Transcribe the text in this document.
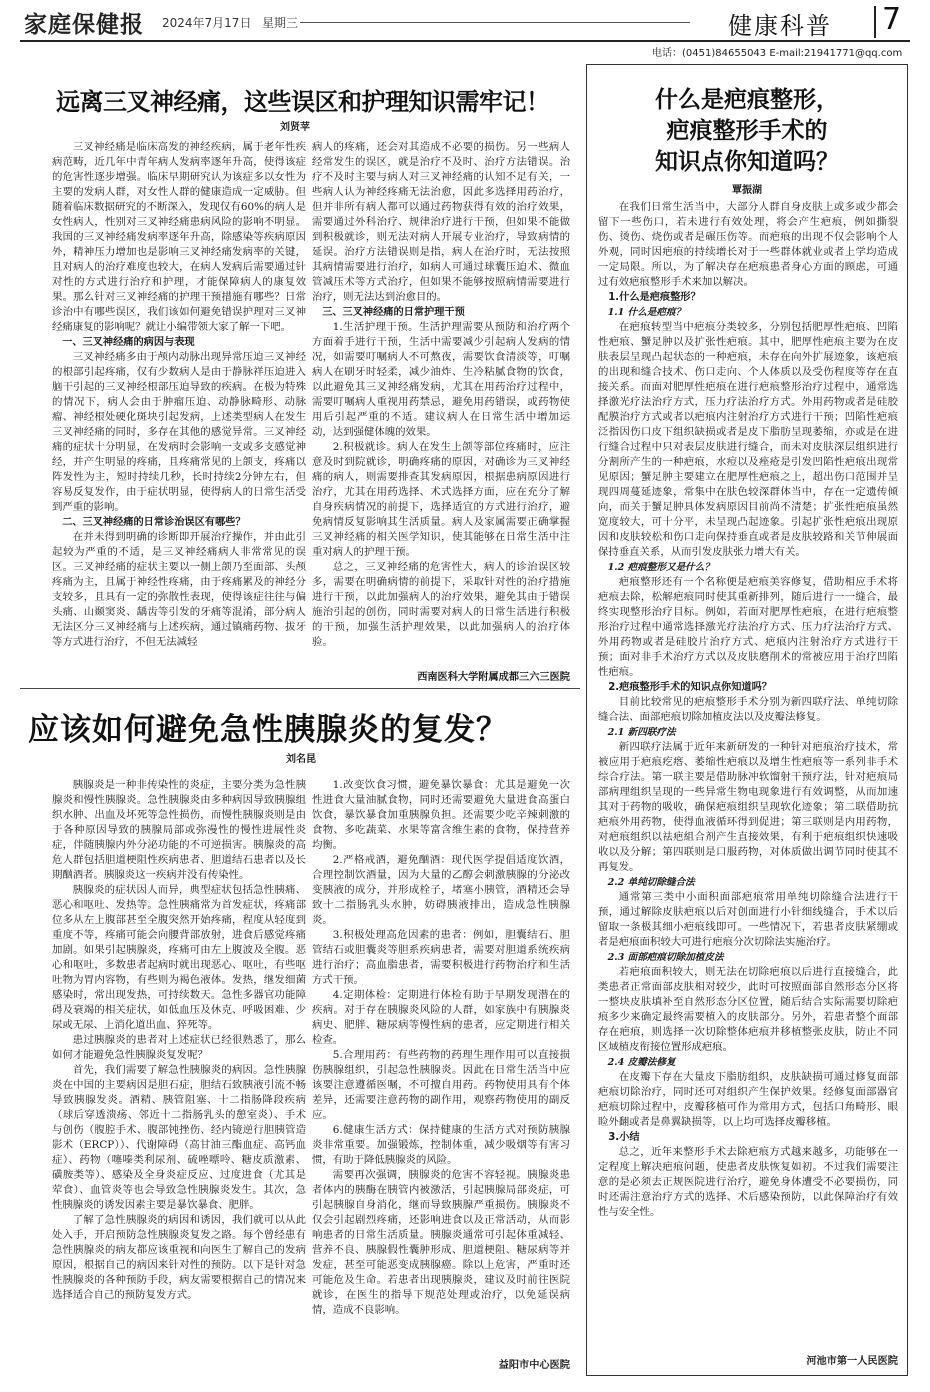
家庭保健报 2024年7月17日 星期三	健康科普 7
电话：(0451)84655043 E-mail:21941771@qq.com
远离三叉神经痛，这些误区和护理知识需牢记！
刘贤苹

三叉神经痛是临床高发的神经疾病，属于老年性疾病范畴，近几年中青年病人发病率逐年升高，使得该症的危害性逐步增强。临床早期研究认为该症多以女性为主要的发病人群，对女性人群的健康造成一定威胁。但随着临床数据研究的不断深入，发现仅有60%的病人是女性病人，性别对三叉神经痛患病风险的影响不明显。我国的三叉神经痛发病率逐年升高，除感染等疾病原因外，精神压力增加也是影响三叉神经痛发病率的关键，且对病人的治疗难度也较大，在病人发病后需要通过针对性的方式进行治疗和护理，才能保障病人的康复效果。那么针对三叉神经痛的护理干预措施有哪些？日常诊治中有哪些误区，我们该如何避免错误护理对三叉神经痛康复的影响呢？就让小编带领大家了解一下吧。

一、三叉神经痛的病因与表现

三叉神经痛多由于颅内动脉出现异常压迫三叉神经的根部引起疼痛，仅有少数病人是由于静脉祥压迫进入脑干引起的三叉神经根部压迫导致的疾病。在极为特殊的情况下，病人会由于肿瘤压迫、动静脉畸形、动脉瘤、神经根处硬化斑块引起发病，上述类型病人在发生三叉神经痛的同时，多存在其他的感觉异常。三叉神经痛的症状十分明显，在发病时会影响一支或多支感觉神经，并产生明显的疼痛，且疼痛常见的上颌支，疼痛以阵发性为主，短时持续几秒，长时持续2分钟左右，但容易反复发作，由于症状明显，使得病人的日常生活受到严重的影响。

二、三叉神经痛的日常诊治误区有哪些？

在并未得到明确的诊断即开展治疗操作，并由此引起较为严重的不适，是三叉神经痛病人非常常见的误区。三叉神经痛的症状主要以一侧上颌乃至面部、头颅疼痛为主，且属于神经性疼痛，由于疼痛累及的神经分支较多，且具有一定的弥散性表现，使得该症往往与偏头痛、山颞窦炎、龋齿等引发的牙痛等混淆，部分病人无法区分三叉神经痛与上述疾病，通过镇痛药物、拔牙等方式进行治疗，不但无法减轻

病人的疼痛，还会对其造成不必要的损伤。另一些病人经常发生的误区，就是治疗不及时、治疗方法错误。治疗不及时主要与病人对三叉神经痛的认知不足有关，一些病人认为神经疼痛无法治愈，因此多选择用药治疗，但并非所有病人都可以通过药物获得有效的治疗效果，需要通过外科治疗、规律治疗进行干预，但如果不能做到积极就诊，则无法对病人开展专业治疗，导致病情的延误。治疗方法错误则是指，病人在治疗时，无法按照其病情需要进行治疗，如病人可通过球囊压迫术、微血管减压术等方式治疗，但如果不能够按照病情需要进行治疗，则无法达到治愈目的。

三、三叉神经痛的日常护理干预

1.生活护理干预。生活护理需要从预防和治疗两个方面着手进行干预，生活中需要减少引起病人发病的情况，如需要叮嘱病人不可熬夜，需要饮食清淡等，叮嘱病人在刷牙时轻柔，减少油炸、生冷粘腻食物的饮食，以此避免其三叉神经痛发病，尤其在用药治疗过程中，需要叮嘱病人重视用药禁忌，避免用药错误，或药物使用后引起严重的不适。建议病人在日常生活中增加运动，达到强健体魄的效果。

2.积极就诊。病人在发生上颌等部位疼痛时，应注意及时到院就诊，明确疼痛的原因，对确诊为三叉神经痛的病人，则需要排查其发病原因，根据患病原因进行治疗，尤其在用药选择、术式选择方面，应在充分了解自身疾病情况的前提下，选择适宜的方式进行治疗，避免病情反复影响其生活质量。病人及家属需要正确掌握三叉神经痛的相关医学知识，使其能够在日常生活中注重对病人的护理干预。

总之，三叉神经痛的危害性大，病人的诊治误区较多，需要在明确病情的前提下，采取针对性的治疗措施进行干预，以此加强病人的治疗效果，避免其由于错误施治引起的创伤，同时需要对病人的日常生活进行积极的干预，加强生活护理效果，以此加强病人的治疗体验。

西南医科大学附属成都三六三医院
应该如何避免急性胰腺炎的复发？
刘名昆

胰腺炎是一种非传染性的炎症，主要分类为急性胰腺炎和慢性胰腺炎。急性胰腺炎由多种病因导致胰腺组织水肿、出血及坏死等急性损伤，而慢性胰腺炎则是由于各种原因导致的胰腺局部或弥漫性的慢性进展性炎症，伴随胰腺内外分泌功能的不可逆损害。胰腺炎的高危人群包括胆道梗阻性疾病患者、胆道结石患者以及长期酗酒者。胰腺炎这一疾病并没有传染性。

胰腺炎的症状因人而异，典型症状包括急性胰痛、恶心和呕吐、发热等。急性胰痛常为首发症状，疼痛部位多从左上腹部甚至全腹突然开始疼痛，程度从轻度到重度不等，疼痛可能会向腰背部放射，进食后感觉疼痛加剧。如果引起胰腺炎，疼痛可由左上腹波及全腹。恶心和呕吐，多数患者起病时就出现恶心、呕吐，有些呕吐物为胃内容物，有些则为褐色液体。发热，继发细菌感染时，常出现发热，可持续数天。急性多器官功能障碍及衰竭的相关症状，如低血压及休克、呼吸困难、少尿或无尿、上消化道出血、猝死等。

患过胰腺炎的患者对上述症状已经很熟悉了，那么如何才能避免急性胰腺炎复发呢？

首先，我们需要了解急性胰腺炎的病因。急性胰腺炎在中国的主要病因是胆石症，胆结石致胰液引流不畅导致胰腺发炎。酒精、胰管阻塞、十二指肠降段疾病（球后穿透溃疡、邻近十二指肠乳头的憩室炎）、手术与创伤（腹腔手术、腹部钝挫伤、经内镜逆行胆胰管造影术（ERCP））、代谢障碍（高甘油三酯血症、高钙血症）、药物（噻嗪类利尿剂、硫唑嘌呤、糖皮质激素、磺胺类等）、感染及全身炎症反应、过度进食（尤其是荤食）、血管炎等也会导致急性胰腺炎发生。其次，急性胰腺炎的诱发因素主要是暴饮暴食、肥胖。

了解了急性胰腺炎的病因和诱因，我们就可以从此处入手，开启预防急性胰腺炎复发之路。每个曾经患有急性胰腺炎的病友都应该重视和向医生了解自己的发病原因，根据自己的病因来针对性的预防。以下是针对急性胰腺炎的各种预防手段，病友需要根据自己的情况来选择适合自己的预防复发方式。

1.改变饮食习惯，避免暴饮暴食：尤其是避免一次性进食大量油腻食物，同时还需要避免大量进食高蛋白饮食，暴饮暴食加重胰腺负担。还需要少吃辛辣刺激的食物、多吃蔬菜、水果等富含维生素的食物，保持营养均衡。

2.严格戒酒，避免酗酒：现代医学提倡适度饮酒，合理控制饮酒量，因为大量的乙醇会刺激胰腺的分泌改变胰液的成分，并形成栓子，堵塞小胰管，酒精还会导致十二指肠乳头水肿，妨碍胰液排出，造成急性胰腺炎。

3.积极处理高危因素的患者：例如，胆囊结石、胆管结石或胆囊炎等胆系疾病患者，需要对胆道系统疾病进行治疗；高血脂患者，需要积极进行药物治疗和生活方式干预。

4.定期体检：定期进行体检有助于早期发现潜在的疾病。对于存在胰腺炎风险的人群，如家族中有胰腺炎病史、肥胖、糖尿病等慢性病的患者，应定期进行相关检查。

5.合理用药：有些药物的药理生理作用可以直接损伤胰腺组织，引起急性胰腺炎。因此在日常生活当中应该要注意遵循医嘱，不可擅自用药。药物使用具有个体差异，还需要注意药物的副作用，观察药物使用的副反应。

6.健康生活方式：保持健康的生活方式对预防胰腺炎非常重要。加强锻炼，控制体重，减少吸烟等有害习惯，有助于降低胰腺炎的风险。

需要再次强调，胰腺炎的危害不容轻视。胰腺炎患者体内的胰酶在胰管内被激活，引起胰腺局部炎症，可引起胰腺自身消化，继而导致胰腺严重损伤。胰腺炎不仅会引起剧烈疼痛，还影响进食以及正常活动，从而影响患者的日常生活质量。胰腺炎通常可引起体重减轻、营养不良、胰腺假性囊肿形成、胆道梗阻、糖尿病等并发症，甚至可能恶变成胰腺癌。除以上危害，严重时还可能危及生命。若患者出现胰腺炎，建议及时前往医院就诊，在医生的指导下规范处理或治疗，以免延误病情，造成不良影响。

益阳市中心医院
什么是疤痕整形，
疤痕整形手术的
知识点你知道吗？
覃振湖

在我们日常生活当中，大部分人群自身皮肤上或多或少都会留下一些伤口，若未进行有效处理，将会产生疤痕，例如撕裂伤、烫伤、烧伤或者是碾压伤等。而疤痕的出现不仅会影响个人外观，同时因疤痕的持续增长对于一些群体就业或者上学均造成一定局限。所以，为了解决存在疤痕患者身心方面的顾虑，可通过有效疤痕整形手术来加以解决。

1.什么是疤痕整形？

1.1 什么是疤痕？

在疤痕转型当中疤痕分类较多，分别包括肥厚性疤痕、凹陷性疤痕、蟹足肿以及扩张性疤痕。其中，肥厚性疤痕主要为在皮肤表层呈现凸起状态的一种疤痕，未存在向外扩展迹象，该疤痕的出现和缝合技术、伤口走向、个人体质以及受伤程度等存在直接关系。而面对肥厚性疤痕在进行疤痕整形治疗过程中，通常选择激光疗法治疗方式，压力疗法治疗方式。外用药物或者是硅胶配膜治疗方式或者以疤痕内注射治疗方式进行干预；凹陷性疤痕泛指因伤口皮下组织缺损或者是皮下脂肪呈现萎缩，亦或是在进行缝合过程中只对表层皮肤进行缝合，而未对皮肤深层组织进行分割所产生的一种疤痕，水痘以及痤疮是引发凹陷性疤痕出现常见原因；蟹足肿主要建立在肥厚性疤痕之上，超出伤口范围并呈现四周蔓延迹象，常集中在肤色较深群体当中，存在一定遗传倾向，而关于蟹足肿具体发病原因目前尚不清楚；扩张性疤痕虽然宽度较大，可十分平，未呈现凸起迹象。引起扩张性疤痕出现原因和皮肤较松和伤口走向保持垂直或者是皮肤较路和关节伸展面保持垂直关系，从而引发皮肤张力增大有关。

1.2 疤痕整形又是什么？

疤痕整形还有一个名称便是疤痕美容修复，借助相应手术将疤痕去除，松解疤痕同时使其重新排列，随后进行一一缝合，最终实现整形治疗目标。例如，若面对肥厚性疤痕，在进行疤痕整形治疗过程中通常选择激光疗法治疗方式、压力疗法治疗方式、外用药物或者是硅胶片治疗方式、疤痕内注射治疗方式进行干预；面对非手术治疗方式以及皮肤磨削术的常被应用于治疗凹陷性疤痕。

2.疤痕整形手术的知识点你知道吗？

目前比较常见的疤痕整形手术分别为新四联疗法、单纯切除缝合法、面部疤痕切除加植皮法以及皮瓣法修复。

2.1 新四联疗法

新四联疗法属于近年来新研发的一种针对疤痕治疗技术，常被应用于疤痕疙瘩、萎缩性疤痕以及增生性疤痕等一系列非手术综合疗法。第一联主要是借助脉冲软馏射干预疗法，针对疤痕局部病理组织呈现的一些异常生物电现象进行有效调整，从而加速其对于药物的吸收，确保疤痕组织呈现软化迹象；第二联借助抗疤痕外用药物，使得血液循环得到促进；第三联则是内用药物，对疤痕组织以祛疤組合剂产生直接效果，有利于疤痕组织快速吸收以及分解；第四联则是口服药物，对体质做出调节同时使其不再复发。

2.2 单纯切除缝合法

通常第三类中小面积面部疤痕常用单纯切除缝合法进行干预，通过解除皮肤疤痕以后对创面进行小针细线缝合，手术以后留取一条极其细小疤痕线即可。一些情况下，若患者皮肤紧绷或者是疤痕面积较大可进行疤痕分次切除法实施治疗。

2.3 面部疤痕切除加植皮法

若疤痕面积较大，则无法在切除疤痕以后进行直接缝合，此类患者正常面部皮肤相对较少，此时可按照面部自然形态分区将一整块皮肤填补至自然形态分区位置，随后结合实际需要切除疤痕多少来确定最终需要植入的皮肤部分。另外，若患者整个面部存在疤痕，则选择一次切除整体疤痕并移植整张皮肤，防止不同区域植皮衔接位置形成疤痕。

2.4 皮瓣法修复

在皮瓣下存在大量皮下脂肪组织，皮肤缺损可通过修复面部疤痕切除治疗，同时还可对组织产生保护效果。经修复面部器官疤痕切除过程中，皮瓣移植可作为常用方式，包括口角畸形、眼睑外翻或者是鼻翼缺损等，以上均可选择皮瓣移植。

3.小结

总之，近年来整形手术去除疤痕方式越来越多，功能够在一定程度上解决疤痕问题，使患者皮肤恢复如初。不过我们需要注意的是必须去正规医院进行治疗，避免身体遭受不必要损伤，同时还需注意治疗方式的选择、术后感染预防，以此保障治疗有效性与安全性。

河池市第一人民医院
